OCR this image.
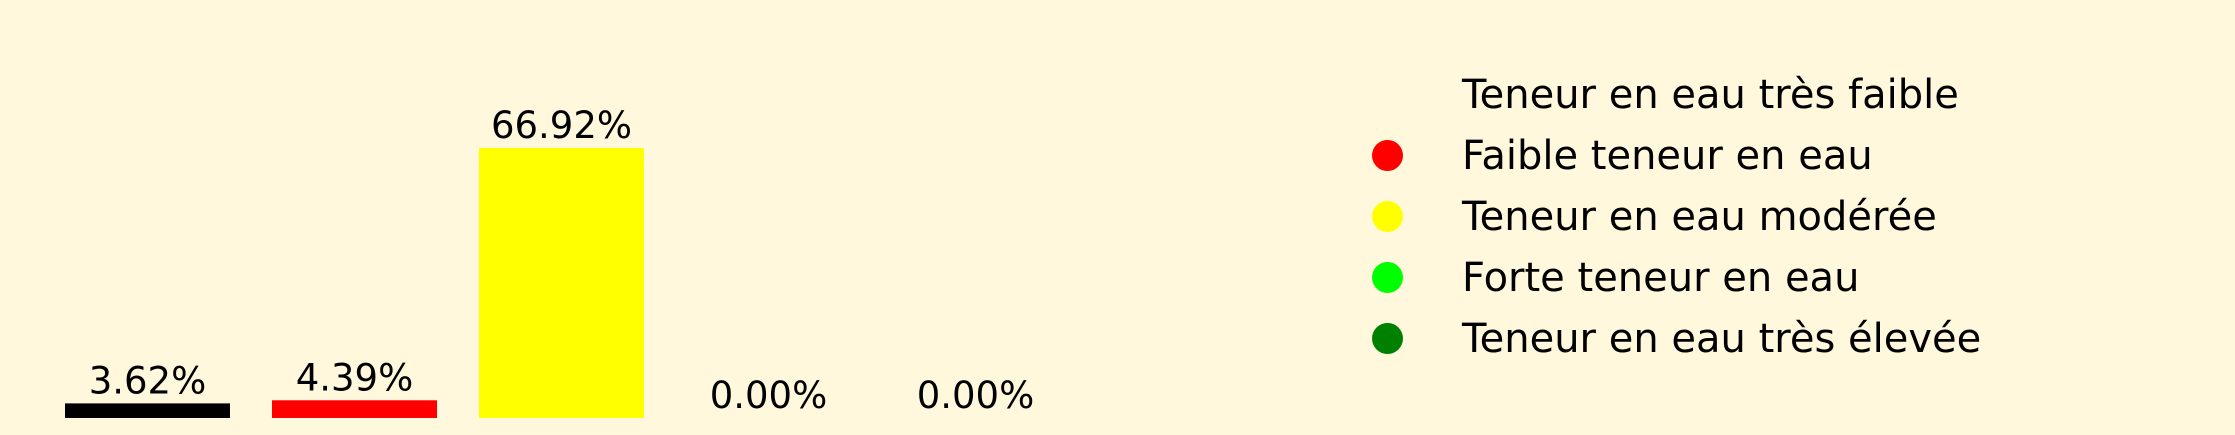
3.62% 4.39%
66.92%
0.00% 0.00%
Teneur en eau très faible
Faible teneur en eau
Teneur en eau modérée
Forte teneur en eau
Teneur en eau très élevée
